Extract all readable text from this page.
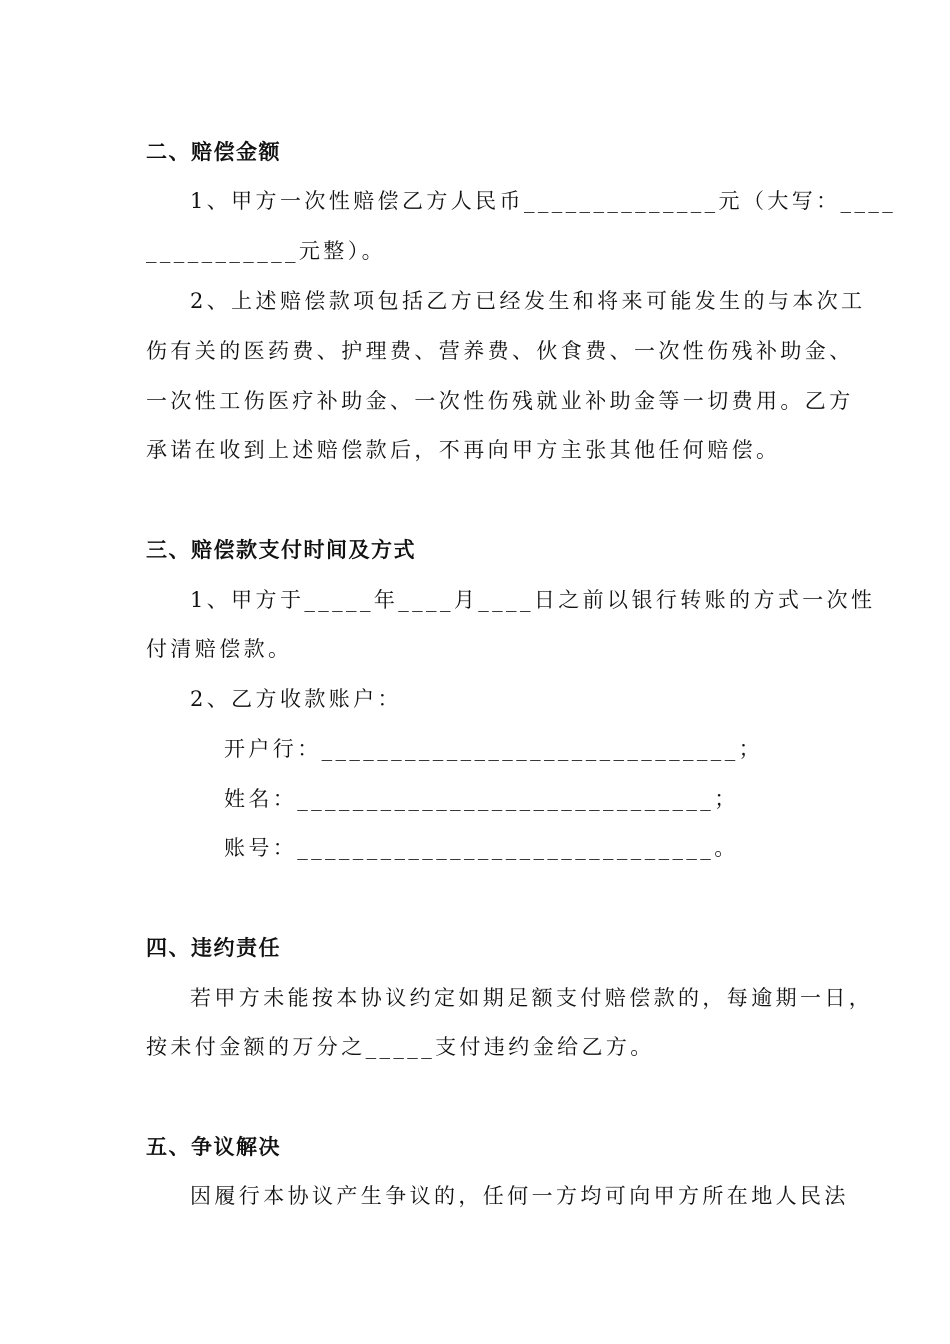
二、赔偿金额
1、甲方一次性赔偿乙方人民币______________元（大写：____
___________元整）。
2、上述赔偿款项包括乙方已经发生和将来可能发生的与本次工
伤有关的医药费、护理费、营养费、伙食费、一次性伤残补助金、
一次性工伤医疗补助金、一次性伤残就业补助金等一切费用。乙方
承诺在收到上述赔偿款后，不再向甲方主张其他任何赔偿。
三、赔偿款支付时间及方式
1、甲方于_____年____月____日之前以银行转账的方式一次性
付清赔偿款。
2、乙方收款账户：
开户行：______________________________；
姓名：______________________________；
账号：______________________________。
四、违约责任
若甲方未能按本协议约定如期足额支付赔偿款的，每逾期一日，
按未付金额的万分之_____支付违约金给乙方。
五、争议解决
因履行本协议产生争议的，任何一方均可向甲方所在地人民法
